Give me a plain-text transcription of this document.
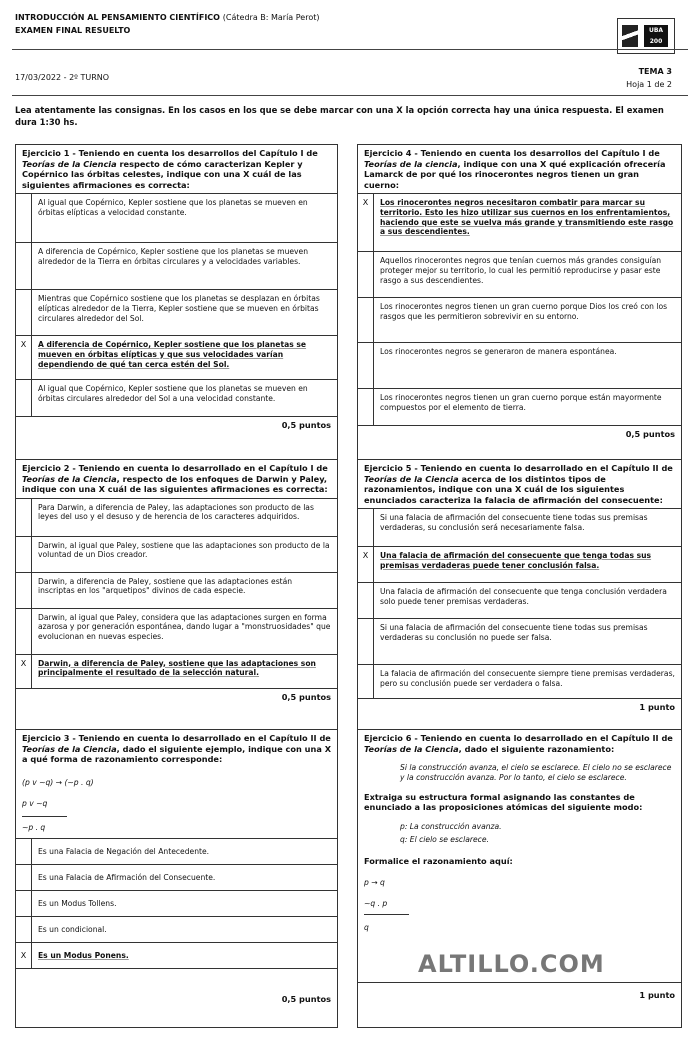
INTRODUCCIÓN AL PENSAMIENTO CIENTÍFICO (Cátedra B: María Perot)
EXAMEN FINAL RESUELTO	UBA
200
17/03/2022 - 2º TURNO
TEMA 3
Hoja 1 de 2
Lea atentamente las consignas. En los casos en los que se debe marcar con una X la opción correcta hay una única respuesta. El examen dura 1:30 hs.
Ejercicio 1 - Teniendo en cuenta los desarrollos del Capítulo I de Teorías de la Ciencia respecto de cómo caracterizan Kepler y Copérnico las órbitas celestes, indique con una X cuál de las siguientes afirmaciones es correcta:
Al igual que Copérnico, Kepler sostiene que los planetas se mueven en órbitas elípticas a velocidad constante.
A diferencia de Copérnico, Kepler sostiene que los planetas se mueven alrededor de la Tierra en órbitas circulares y a velocidades variables.
Mientras que Copérnico sostiene que los planetas se desplazan en órbitas elípticas alrededor de la Tierra, Kepler sostiene que se mueven en órbitas circulares alrededor del Sol.
X	A diferencia de Copérnico, Kepler sostiene que los planetas se mueven en órbitas elípticas y que sus velocidades varían dependiendo de qué tan cerca estén del Sol.
Al igual que Copérnico, Kepler sostiene que los planetas se mueven en órbitas circulares alrededor del Sol a una velocidad constante.
0,5 puntos
Ejercicio 2 - Teniendo en cuenta lo desarrollado en el Capítulo I de Teorías de la Ciencia, respecto de los enfoques de Darwin y Paley, indique con una X cuál de las siguientes afirmaciones es correcta:
Para Darwin, a diferencia de Paley, las adaptaciones son producto de las leyes del uso y el desuso y de herencia de los caracteres adquiridos.
Darwin, al igual que Paley, sostiene que las adaptaciones son producto de la voluntad de un Dios creador.
Darwin, a diferencia de Paley, sostiene que las adaptaciones están inscriptas en los "arquetipos" divinos de cada especie.
Darwin, al igual que Paley, considera que las adaptaciones surgen en forma azarosa y por generación espontánea, dando lugar a "monstruosidades" que evolucionan en nuevas especies.
X	Darwin, a diferencia de Paley, sostiene que las adaptaciones son principalmente el resultado de la selección natural.
0,5 puntos
Ejercicio 3 - Teniendo en cuenta lo desarrollado en el Capítulo II de Teorías de la Ciencia, dado el siguiente ejemplo, indique con una X a qué forma de razonamiento corresponde:
(p v ~q) → (~p . q)
p v ~q
~p . q
Es una Falacia de Negación del Antecedente.
Es una Falacia de Afirmación del Consecuente.
Es un Modus Tollens.
Es un condicional.
X	Es un Modus Ponens.
0,5 puntos
Ejercicio 4 - Teniendo en cuenta los desarrollos del Capítulo I de Teorías de la ciencia, indique con una X qué explicación ofrecería Lamarck de por qué los rinocerontes negros tienen un gran cuerno:
X	Los rinocerontes negros necesitaron combatir para marcar su territorio. Esto les hizo utilizar sus cuernos en los enfrentamientos, haciendo que este se vuelva más grande y transmitiendo este rasgo a sus descendientes.
Aquellos rinocerontes negros que tenían cuernos más grandes consiguían proteger mejor su territorio, lo cual les permitió reproducirse y pasar este rasgo a sus descendientes.
Los rinocerontes negros tienen un gran cuerno porque Dios los creó con los rasgos que les permitieron sobrevivir en su entorno.
Los rinocerontes negros se generaron de manera espontánea.
Los rinocerontes negros tienen un gran cuerno porque están mayormente compuestos por el elemento de tierra.
0,5 puntos
Ejercicio 5 - Teniendo en cuenta lo desarrollado en el Capítulo II de Teorías de la Ciencia acerca de los distintos tipos de razonamientos, indique con una X cuál de los siguientes enunciados caracteriza la falacia de afirmación del consecuente:
Si una falacia de afirmación del consecuente tiene todas sus premisas verdaderas, su conclusión será necesariamente falsa.
X	Una falacia de afirmación del consecuente que tenga todas sus premisas verdaderas puede tener conclusión falsa.
Una falacia de afirmación del consecuente que tenga conclusión verdadera solo puede tener premisas verdaderas.
Si una falacia de afirmación del consecuente tiene todas sus premisas verdaderas su conclusión no puede ser falsa.
La falacia de afirmación del consecuente siempre tiene premisas verdaderas, pero su conclusión puede ser verdadera o falsa.
1 punto
Ejercicio 6 - Teniendo en cuenta lo desarrollado en el Capítulo II de Teorías de la Ciencia, dado el siguiente razonamiento:
Si la construcción avanza, el cielo se esclarece. El cielo no se esclarece y la construcción avanza. Por lo tanto, el cielo se esclarece.
Extraiga su estructura formal asignando las constantes de enunciado a las proposiciones atómicas del siguiente modo:
p: La construcción avanza.
q: El cielo se esclarece.
Formalice el razonamiento aquí:
p → q
~q . p
q
1 punto
ALTILLO.COM
